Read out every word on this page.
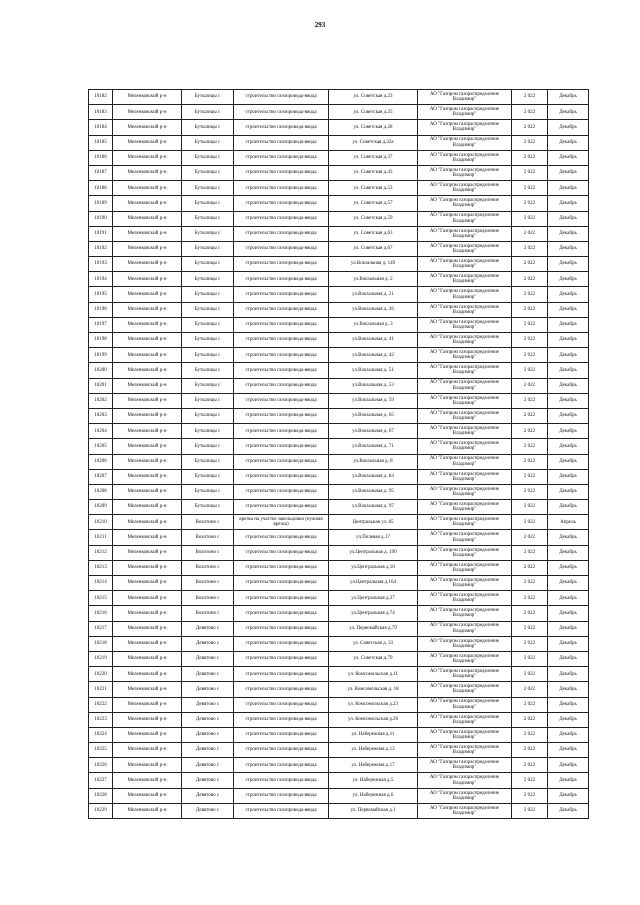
293
10182	Меленковский р-н	Бутылицы с	строительство газопровода-ввода	ул. Советская д.23	АО "Газпром газораспределение Владимир"	2 022	Декабрь
10183	Меленковский р-н	Бутылицы с	строительство газопровода-ввода	ул. Советская д.25	АО "Газпром газораспределение Владимир"	2 022	Декабрь
10184	Меленковский р-н	Бутылицы с	строительство газопровода-ввода	ул. Советская д.28	АО "Газпром газораспределение Владимир"	2 022	Декабрь
10185	Меленковский р-н	Бутылицы с	строительство газопровода-ввода	ул. Советская д.32а	АО "Газпром газораспределение Владимир"	2 022	Декабрь
10186	Меленковский р-н	Бутылицы с	строительство газопровода-ввода	ул. Советская д.37	АО "Газпром газораспределение Владимир"	2 022	Декабрь
10187	Меленковский р-н	Бутылицы с	строительство газопровода-ввода	ул. Советская д.43	АО "Газпром газораспределение Владимир"	2 022	Декабрь
10188	Меленковский р-н	Бутылицы с	строительство газопровода-ввода	ул. Советская д.53	АО "Газпром газораспределение Владимир"	2 022	Декабрь
10189	Меленковский р-н	Бутылицы с	строительство газопровода-ввода	ул. Советская д.57	АО "Газпром газораспределение Владимир"	2 022	Декабрь
10190	Меленковский р-н	Бутылицы с	строительство газопровода-ввода	ул. Советская д.59	АО "Газпром газораспределение Владимир"	2 022	Декабрь
10191	Меленковский р-н	Бутылицы с	строительство газопровода-ввода	ул. Советская д.63	АО "Газпром газораспределение Владимир"	2 022	Декабрь
10192	Меленковский р-н	Бутылицы с	строительство газопровода-ввода	ул. Советская д.67	АО "Газпром газораспределение Владимир"	2 022	Декабрь
10193	Меленковский р-н	Бутылицы с	строительство газопровода-ввода	ул.Вокзальная д. 149	АО "Газпром газораспределение Владимир"	2 022	Декабрь
10194	Меленковский р-н	Бутылицы с	строительство газопровода-ввода	ул.Вокзальная д. 2	АО "Газпром газораспределение Владимир"	2 022	Декабрь
10195	Меленковский р-н	Бутылицы с	строительство газопровода-ввода	ул.Вокзальная д. 21	АО "Газпром газораспределение Владимир"	2 022	Декабрь
10196	Меленковский р-н	Бутылицы с	строительство газопровода-ввода	ул.Вокзальная д. 26	АО "Газпром газораспределение Владимир"	2 022	Декабрь
10197	Меленковский р-н	Бутылицы с	строительство газопровода-ввода	ул.Вокзальная д. 3	АО "Газпром газораспределение Владимир"	2 022	Декабрь
10198	Меленковский р-н	Бутылицы с	строительство газопровода-ввода	ул.Вокзальная д. 41	АО "Газпром газораспределение Владимир"	2 022	Декабрь
10199	Меленковский р-н	Бутылицы с	строительство газопровода-ввода	ул.Вокзальная д. 42	АО "Газпром газораспределение Владимир"	2 022	Декабрь
10200	Меленковский р-н	Бутылицы с	строительство газопровода-ввода	ул.Вокзальная д. 51	АО "Газпром газораспределение Владимир"	2 022	Декабрь
10201	Меленковский р-н	Бутылицы с	строительство газопровода-ввода	ул.Вокзальная д. 53	АО "Газпром газораспределение Владимир"	2 022	Декабрь
10202	Меленковский р-н	Бутылицы с	строительство газопровода-ввода	ул.Вокзальная д. 59	АО "Газпром газораспределение Владимир"	2 022	Декабрь
10203	Меленковский р-н	Бутылицы с	строительство газопровода-ввода	ул.Вокзальная д. 65	АО "Газпром газораспределение Владимир"	2 022	Декабрь
10204	Меленковский р-н	Бутылицы с	строительство газопровода-ввода	ул.Вокзальная д. 67	АО "Газпром газораспределение Владимир"	2 022	Декабрь
10205	Меленковский р-н	Бутылицы с	строительство газопровода-ввода	ул.Вокзальная д. 71	АО "Газпром газораспределение Владимир"	2 022	Декабрь
10206	Меленковский р-н	Бутылицы с	строительство газопровода-ввода	ул.Вокзальная д. 8	АО "Газпром газораспределение Владимир"	2 022	Декабрь
10207	Меленковский р-н	Бутылицы с	строительство газопровода-ввода	ул.Вокзальная д. 84	АО "Газпром газораспределение Владимир"	2 022	Декабрь
10208	Меленковский р-н	Бутылицы с	строительство газопровода-ввода	ул.Вокзальная д. 95	АО "Газпром газораспределение Владимир"	2 022	Декабрь
10209	Меленковский р-н	Бутылицы с	строительство газопровода-ввода	ул.Вокзальная д. 97	АО "Газпром газораспределение Владимир"	2 022	Декабрь
10210	Меленковский р-н	Вохотино с	врезка на участке закольцовки (нужная врезка)	Центральная ул. 85	АО "Газпром газораспределение Владимир"	2 022	Апрель
10211	Меленковский р-н	Вохотино с	строительство газопровода-ввода	ул.Полевая д.17	АО "Газпром газораспределение Владимир"	2 022	Декабрь
10212	Меленковский р-н	Вохотино с	строительство газопровода-ввода	ул.Центральная д. 190	АО "Газпром газораспределение Владимир"	2 022	Декабрь
10213	Меленковский р-н	Вохотино с	строительство газопровода-ввода	ул.Центральная д.10	АО "Газпром газораспределение Владимир"	2 022	Декабрь
10214	Меленковский р-н	Вохотино с	строительство газопровода-ввода	ул.Центральная д.164	АО "Газпром газораспределение Владимир"	2 022	Декабрь
10215	Меленковский р-н	Вохотино с	строительство газопровода-ввода	ул.Центральная д.37	АО "Газпром газораспределение Владимир"	2 022	Декабрь
10216	Меленковский р-н	Вохотино с	строительство газопровода-ввода	ул.Центральная д.74	АО "Газпром газораспределение Владимир"	2 022	Декабрь
10217	Меленковский р-н	Девятово с	строительство газопровода-ввода	ул. Первомайская д.79	АО "Газпром газораспределение Владимир"	2 022	Декабрь
10218	Меленковский р-н	Девятово с	строительство газопровода-ввода	ул. Советская д. 33	АО "Газпром газораспределение Владимир"	2 022	Декабрь
10219	Меленковский р-н	Девятово с	строительство газопровода-ввода	ул. Советская д.79	АО "Газпром газораспределение Владимир"	2 022	Декабрь
10220	Меленковский р-н	Девятово с	строительство газопровода-ввода	ул. Комсомольская д.11	АО "Газпром газораспределение Владимир"	2 022	Декабрь
10221	Меленковский р-н	Девятово с	строительство газопровода-ввода	ул. Комсомольская д. 18	АО "Газпром газораспределение Владимир"	2 022	Декабрь
10222	Меленковский р-н	Девятово с	строительство газопровода-ввода	ул. Комсомольская д.23	АО "Газпром газораспределение Владимир"	2 022	Декабрь
10223	Меленковский р-н	Девятово с	строительство газопровода-ввода	ул. Комсомольская д.26	АО "Газпром газораспределение Владимир"	2 022	Декабрь
10224	Меленковский р-н	Девятово с	строительство газопровода-ввода	ул. Набережная д.11	АО "Газпром газораспределение Владимир"	2 022	Декабрь
10225	Меленковский р-н	Девятово с	строительство газопровода-ввода	ул. Набережная д.13	АО "Газпром газораспределение Владимир"	2 022	Декабрь
10226	Меленковский р-н	Девятово с	строительство газопровода-ввода	ул. Набережная д.17	АО "Газпром газораспределение Владимир"	2 022	Декабрь
10227	Меленковский р-н	Девятово с	строительство газопровода-ввода	ул. Набережная д.5	АО "Газпром газораспределение Владимир"	2 022	Декабрь
10228	Меленковский р-н	Девятово с	строительство газопровода-ввода	ул. Набережная д.6	АО "Газпром газораспределение Владимир"	2 022	Декабрь
10229	Меленковский р-н	Девятово с	строительство газопровода-ввода	ул. Первомайская д.1	АО "Газпром газораспределение Владимир"	2 022	Декабрь
